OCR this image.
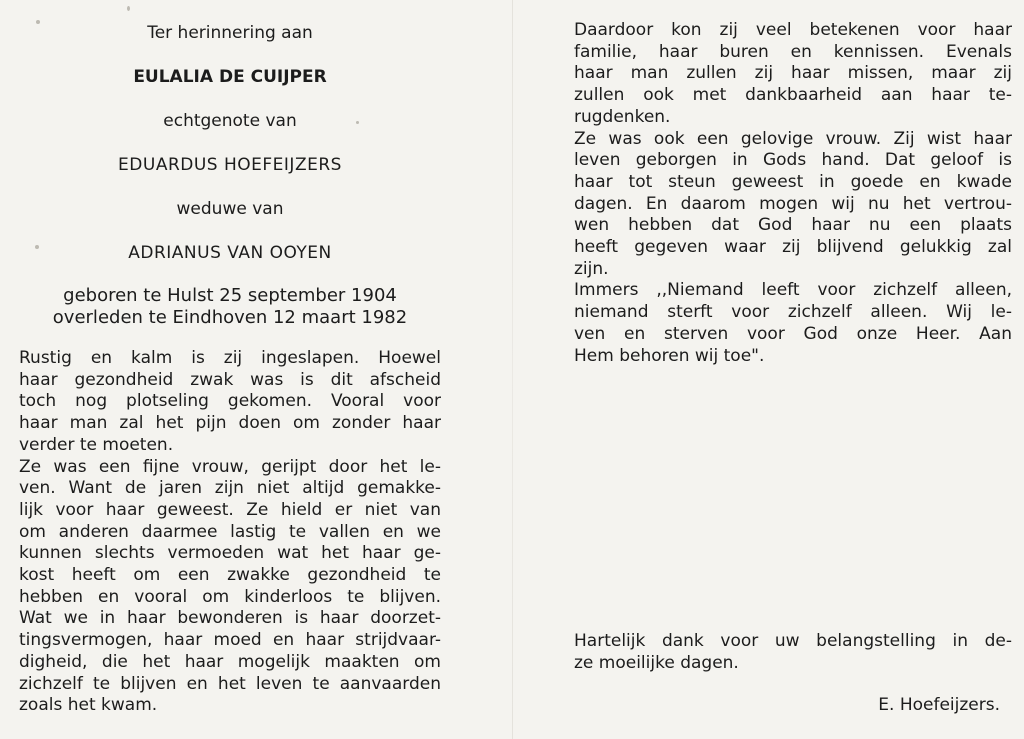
Ter herinnering aan
EULALIA DE CUIJPER
echtgenote van
EDUARDUS HOEFEIJZERS
weduwe van
ADRIANUS VAN OOYEN
geboren te Hulst 25 september 1904
overleden te Eindhoven 12 maart 1982
Rustig en kalm is zij ingeslapen. Hoewel
haar gezondheid zwak was is dit afscheid
toch nog plotseling gekomen. Vooral voor
haar man zal het pijn doen om zonder haar
verder te moeten.
Ze was een fijne vrouw, gerijpt door het le-
ven. Want de jaren zijn niet altijd gemakke-
lijk voor haar geweest. Ze hield er niet van
om anderen daarmee lastig te vallen en we
kunnen slechts vermoeden wat het haar ge-
kost heeft om een zwakke gezondheid te
hebben en vooral om kinderloos te blijven.
Wat we in haar bewonderen is haar doorzet-
tingsvermogen, haar moed en haar strijdvaar-
digheid, die het haar mogelijk maakten om
zichzelf te blijven en het leven te aanvaarden
zoals het kwam.
Daardoor kon zij veel betekenen voor haar
familie, haar buren en kennissen. Evenals
haar man zullen zij haar missen, maar zij
zullen ook met dankbaarheid aan haar te-
rugdenken.
Ze was ook een gelovige vrouw. Zij wist haar
leven geborgen in Gods hand. Dat geloof is
haar tot steun geweest in goede en kwade
dagen. En daarom mogen wij nu het vertrou-
wen hebben dat God haar nu een plaats
heeft gegeven waar zij blijvend gelukkig zal
zijn.
Immers ,,Niemand leeft voor zichzelf alleen,
niemand sterft voor zichzelf alleen. Wij le-
ven en sterven voor God onze Heer. Aan
Hem behoren wij toe".
Hartelijk dank voor uw belangstelling in de-
ze moeilijke dagen.
E. Hoefeijzers.
